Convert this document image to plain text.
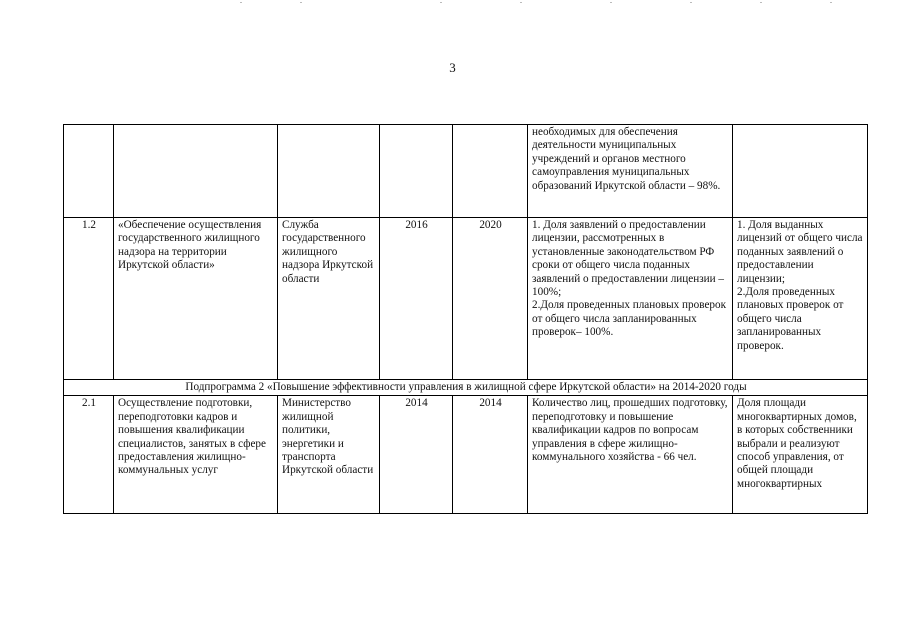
3
					необходимых для обеспечения деятельности муниципальных учреждений и органов местного самоуправления муниципальных образований Иркутской области – 98%.	
1.2	«Обеспечение осуществления государственного жилищного надзора на территории Иркутской области»	Служба государственного жилищного надзора Иркутской области	2016	2020	1. Доля заявлений о предоставлении лицензии, рассмотренных в установленные законодательством РФ сроки от общего числа поданных заявлений о предоставлении лицензии – 100%;
2.Доля проведенных плановых проверок от общего числа запланированных проверок– 100%.	1. Доля выданных лицензий от общего числа поданных заявлений о предоставлении лицензии;
2.Доля проведенных плановых проверок от общего числа запланированных проверок.
Подпрограмма 2 «Повышение эффективности управления в жилищной сфере Иркутской области» на 2014-2020 годы						
2.1	Осуществление подготовки, переподготовки кадров и повышения квалификации специалистов, занятых в сфере предоставления жилищно-коммунальных услуг	Министерство жилищной политики, энергетики и транспорта Иркутской области	2014	2014	Количество лиц, прошедших подготовку, переподготовку и повышение квалификации кадров по вопросам управления в сфере жилищно-коммунального хозяйства - 66 чел.	Доля площади многоквартирных домов, в которых собственники выбрали и реализуют способ управления, от общей площади многоквартирных
